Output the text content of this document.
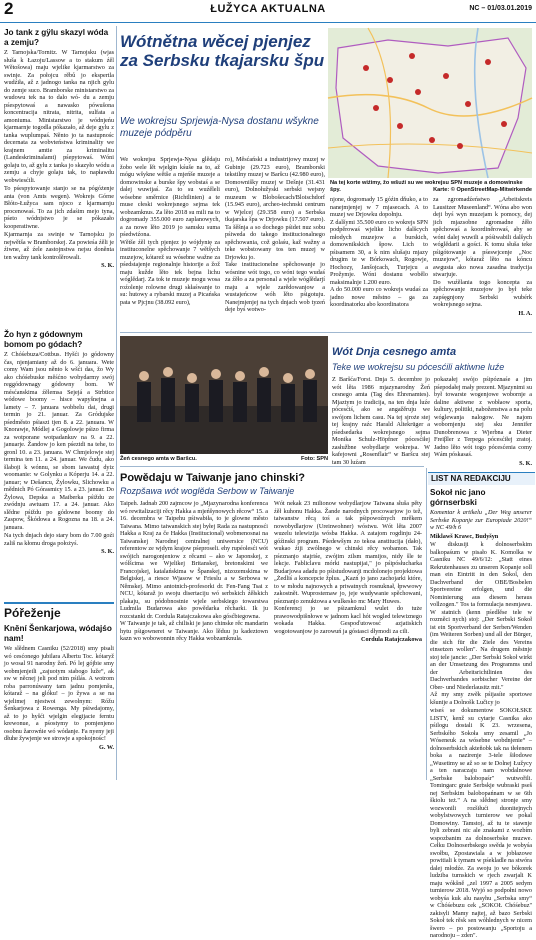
2	ŁUŽYCA AKTUALNA	NC – 01/03.01.2019
Jo tank z gÿlu skazyl wóda a zemju?

Z Tarnojska/Tornitz. W Tarnojsku (wjas słuša k Łazoju/Lassow a to stakum źěl Wětošowa) maju wjelike kjarmarstwo za swinje. Za połojcu rěbů jo ekspertla wudźiła, až z jadnogo tanka na njich gylu do zemje suco. Bramborske ministarstwo za wudowu tek na to dalo wó- du a zemju pśespytowaś a nawasko pówušona koncentracija nitrata, nitrita, sulfata a amoniuma. Ministarstwo je wódnjeńu kjarmarnje togodla pókazało, až deje gylu z tanka wuplumpaś. Něnto jo ta nastupnośc decernata za wobvteństwa kriminality we krajnem amtie za kriminalitu (Landeskriminalamt) pśepytowaś. Wóni golaju to, až gylu z tanka jo skazyło wódu a zemju a chyje golaju tak, to napławdu wobwiesćili.

To pśespytowanje stanjo se na pógóżenje anta (von Amts wegen). Wokrejs Górne Błóto-Łužyca sam njoco z kjarmarnju procenowaś. To za jich zdaśim mejo tyna, pśeto wódnjstwo je se pókazało kooperatiwne.

Kjarmarnja za swinje w Tarnojsku jo nejwětša w Bramborskej. Za powieśa źěli je źiwne, až źele zastojnstwa nejsu doněnta ten wažny tank kontrolěrowali.

S. K.
Žo hyn z gódownym bomom po gódach?

Z Chóśebuza/Cottbus. Hyšći jo gódowny čas, njenjamiany až do 6. januara. Wete comy Wam jsou něnto k wšći das, žo Wy ako chóśebuske měśćno wobydarmy swój reggódownagy gódowny bom. W mésćanskima źělemsa Sejejá a Strbtice wódowe boomy – hisce wapyšnejna a lamety – 7. januara wobbelu dai, drugi termin jo 21. januar. Za Gródujske pśedměsto pśiaszi tjen 8. a 22. januara. W Knorawje, Módlej a Gogolowje pśizo firma za wotporane wotpadankuv na 9. a 22. januarje. Žandow jo ken pśeztdi na tehe, to gronl 10. a 23. januara. W Chmjelowje stej termina ten 11. a 24. januar. We čudu, ako šlaboji k wónnu, se sbom iawastuj dyiz woomanie: w Golynku a Kóperju 14. a 22. januar; w Dešancu, Žylowku, Slichowku a mědnich Pó Górasmicy 15. a 23. januar. Do Žylowa, Depska a Maiberka pśiždu ze zwódnju awtuam 17. a 24. januar. Ako slědne pśiždu po gódowne boomy do Zaspow, Škódowa a Rogozna na 18. a 24. januara.

Na tych dnjach dejo stary bom do 7.00 goźi zališ na kłomu droga położyś.

S. K.
Póřeženje
Knění Šenkarjowa, wódajśo nam!

We slědnem Casniku (52/2018) smy pisali wó cesćonego jubilara Albertu Toc. kótaryž jo wosal 91 narodny žeń. Pó lej gójbie smy wobmjenjeili „zajuotym stabogo luže“, ak sw w něcnej jeli pod nim pśilás. A wotrom roba parronúwany tam jadnu pomjenšu, kótaraž – na glóku! – jo žywa a se na wjelimej njestwoi zewolnym: Róžu Šenkarjowa z Rowenga. My pśiwdajomy, až to jo hyšći wjelgin elegijacie ferntu krewonue, a pśostymy to pomjenjeno osobnu žarowńie wó wódanje. Fa nyeny jeji dłuhe žywjenje we strowje a spokojnośc!

G. W.
Wótnětna wěcej pjenjez za Serbsku tkajarsku špu
We wokrejsu Sprjewja-Nysa dostanu wšykne muzeje pódpěru
Na tej korte wiźimy, žo wšuźi su we wokrejsu SPN muzeje a domowinske špy.	Karte: © OpenStreetMap-Mitwirkende

We wokrejsu Sprjewja-Nysa glědaju žobo wele lět wjelgin kśuše na to, až mógu wšykne wětše a mjeńše muzeje a domowinske a burske špy wobstaś a se dalej wuwijaś. Za to su wuźěleli wósebne směrnice (Richtlinien) a te muse cłeski wokrejsnego sejma tek wobzamknus. Za lěto 2018 su mili na to dogromady 355.000 euro zaplanowych, a za nowe lěto 2019 jo samsku suma pśedwiźona.
Wětše źěl tych pjenjez jo wójdynię za instituconelne spěchowanje 7 wětšych muzejow, kótarež su wósebne wažne za pśedstajenje regionalnje historije a žož maju kužde lěto tek bejna lichu wóglědarj. Za tok te muzeje mogu wosa roźolenje rolowne drugi skłaśwanje to su: hutowy a rybarski muzej a Picańska pata w Pjcjnu (38.092 euro),

ro), Měsćański a industrijowy muzej w Gubinje (29.723 euro), Bramborski tekstilny muzej w Baršcu (42.980 euro), Domownišky muzej w Dešnje (31.431 euro), Dolnołužyski serbski wejsny muzeum w Blobošecach/Bloischdorf (15.945 euro), archeo-technski centrum w Wjelcej (29.358 euro) a Serbska tkajarska špa w Drjowku (17.507 euro). Ta šěšnja a so dochego pśidet nuz sobu pśiweda do takego institucionalnego spěchowania, což golaśu, kaž wažny a teke wobstowany tos ten muzej w Drjowku jo.
Take institucionelne spěchowanje jo wósnine wót togo, co wóni tego wudaś za źěło a za personal a wjele wóglědarjí maju a wjele zarědowanjow a wustajeńcow wóh lěto pśigotuju. Nanejmjenjej na tych dnjach wob tyzeń deje byś wotwo-

njone, dogromady 15 góźin dňuko, a to nanejmjenjej w 7 mjasecach. A to muzej we Drjowku dopołnju.
Z dalšymi 35.500 euro co wokrejs SPN podpěrowaś wjelike licho dalšcych młodych muzejow a burskich, domownikskich špow. Lich to pśisamem 30, a k nim slušaju mjazy drugim te w Bórkowach, Rogowje, Hochozy, Janšojcach, Turjejcu a Prožymje. Wóni dostanu wobělo maksimalnje 1.200 euro.
A do 50.000 euro co wokrejs wudaś za jadno nowe městno – ga za koordinatorku abo koordinatora

za zgromadźeństwo „Arbeitskreis Lausitzer Museenland“. Wóna abo won deji byś wyn muzejam k pomocy, dej jich mjazsobne zgromadne źěło spěchowaś a koordiněrowaś, aby se wóni dalej wuwili a póśiwabili dalšych wóglědarii a gości. K tomu słuša teke pśigótowanje a pśeswjcenje „Noc muzejow“, kótaraž lěto na kóncu awgusta ako nowa zasadna tradycija stwarjuje.
Do wuźělania togo koncepta za spěchowanje muzejow jo był teke zapśęgnjony Serbski wubérk wokrejsnego sejma.

H. A.
Žeń cesnego amta w Baršcu.	Foto: SPN
Wót Dnja cesnego amta
Teke we wokrejsu su pócesćili aktiwne luźe

Z Baršća/Forst. Dnja 5. decembre jo wót lěta 1986 mjazynarodny Žeń cesnego amta (Tag des Ehrenamtes). Mjaztym jo tradicija, na ten dnja luźe pócesćiś, ako se angažěruju we swójom lichem casu. Na tej sjroże stej tej krajny raźc Harald Altekrüger a pśedsedarka wokrejsnego sejma Monika Schulz-Höpfner pócesćiłej zasłužbne wobydlarje wokrejsa. W kafejowni „Rosenflair“ w Baršcu stej tam 30 luźam

pokazałej swójo pśipóznaśe a jim pśepodałej mały prezent. Mjazynimi su był towarste wogenjowe wobornje a daline aktiwne z wobłaow sporta, kultury, politiki, naboženstwa a na polu wóglewanja nalogow. Ne najom wobornjenju stej sku Jennifer Dunobrenowa z Wjerbna a Dieter Freiβler z Terpega pócesćiłej zratoj. Jadno lěto wót togo pócesćenia comy Wám póskasaś.

S. K.
Powědaju w Taiwanje jano chinski?
Rozpšawa wót woglěda Serbow w Taiwanje

Taipeh. Jadnab 200 zajmcow jo „Mjazynarodna konferenca wó rewitalizaciji rěcy Hakka a mjeńšynowych rěcow“ 15. a 16. decembra w Taipehu pśiwabiła, to je glowne město Taiwana. Mimo taiwanskich stej byłej Rada za nastupnosći Hakka a Kraj za če Hakka (Institucional) wobmenosnai na Taiwanskej Narodnej centralnej uniwersice (NCU) referentow ze wjdym krajow pśeproseli. ehy rupéolesći wót swójich narogonjeniow z rěcami – ako w Japonskej, z wólšcima we Wjelikej Britanskej, bretonskimi we Francojskej, katalańskima w Španskej, nizozemskima w Belgiskej, a riesce Wjasow w Frieslu a w Serbowa w Němskej. Mimo antotnich-profesorki dr. Fen-Fang Tsai z NCU, kótaraž jo swoju disertaciju wó serbskich źěłskich plakaju, su pódobnostnie wjele serbskiego towarstwa Ludmila Budarowa ako powědarka rěcharki. Ik ju rozcstanki dr. Cordula Ratajczakowa ako gósćbiegowna.
W Taiwanje je tak, až chiliski je jano chinske rěc mandarin hytu pśigownerei w Taiwanje. Ako lěduu ju kadeztown kazn wo wobowonnin rěcy Hakka wobzamknula.

Wót nekak 23 milionow wobydlarjow Taiwana słuša pěty źěł kuhonu Hakka. Žande narodnych procowarjow jo tež, taiwanstw rěcą toś a tak pśipowoźnych mrěkem nowobydlarjow (Ureinwohner) wóstwu. Wót lěta 2007 wuzelu telewizija wósba Hakka. A zatajom rogdinju 24-góźinski program. Pśedewšym zo tekoa anstitucija (dało), wukao źiji zwólnego w chinski rěcy wobamon. Tak pśeznanjo stajriśe, zwójim zilsm mamijos, nidy šle te lekcje. Fabliclavu mórki nastupijai," jo pśipósłucharka Budarjowa adadu po pśistudowanji mcdolonejo projektowa „Żedliś a koncepcie žplus. „Kazń jo jano zachojarki które, to w młodu najnowych a priwatnych rosnuknał, łpwwowy zakostnět. Wuprostemaw jo, jeje wudywanie spěchowani, pśeznanjo zenuktowa a wulkesko mc Mary Huwes.
Konferencj jo se pśizamknul wulet do tuże prawowodpišnłowe w jadnom kacl hót wogled telewiznego wokada Hakka. Gespoďutowosć azjatiskich wogotowanjow jo zarowuń ja góstasci dłymodi za cili.

Cordula Ratajczakowa
LIST NA REDAKCIJU
Sokoł nic jano górnserbski

Komentar k artikelu „Der Weg unserer Serbske Kopanje zur Europiade 2020!“ w NC 49/h 6

Miklawš Krawc, Budyšyn

W diskusiji k dolnoserbskim balkopaśum w pisało K. Komolka w Casniku NC 49/6/12: „Statt eines Rekrutenhauses zu unseren Kopanje soll man ein Eintritt in den Sokol, den Dachverband der OBE/Bosbelen Sportvereine erfolgen, und die Nominierung aus diesem heraus vollzogen." Tos ta formulacja nesmjawu. W statnich (kenn pśedlěse tele w rozměci nych) stoj: „Der Serbski Sokoł ist ein Sportverband der Serben/Wenden (im Weiteren Sorben) und all der Bürger, die sich für die Ziele des Vereins einsetzen wollen". Na drugem městnje stoj tele jancie: „Der Serbski Sokoł wirkt an der Umsetzung des Programms und der Arbeitsrichtlinien des Dachverbandes sorbischer Vereine der Ober- und Niederlausitz mit."
Až my smy zwěk pśijasíte sportowe kšunije a Dolnošk Lučicy jo

wiseś se dokumentow SOKOŁSKE LISTY, kenž su cytarje Casnika ako pśilogu dostali K 23. wrzesena, Serbského Sokoła smy zesamil „Jo Wóseneuk za wósebne wobdnjenie“ – dolnoserbskich akteňobk tak na tłełenem boka a nazirenje 3-tele šiłodowe „Wusetimy se až so se te Dolnej Łužycy a ten naraczaju nam wobdalnowe „Serbske balobopaśr" wutwořili. Tomingarc graie Serbskje wubraski pseš nej Serbskim balobopańnam w se 6th škiolu też." A na slědnej stronje smy wozwonili rozšiłući duonitejnych wobylstwowych turnierow we pokal Domowiny. Tamstoj, až tu te stawnje byli zebrani nic ale znakami z wozbím wspozbanim za dolnoserbske muzwe. Cełku Dolnoserbskego swěda je wobyśa swołbu, Zpostawiala a w jobłazowe powitiali k tymam w pśekladle na stwóra dalej młodźe. Za swoju jo we bókorek ludziba turnskich w rjech zwarjali K maju wókšně „zel 1997 a 2005 sedym turnierow 2018. Wyjó so podpołni nowo wobyśa kuk alu nasyhu „Serbska smy“ w Chóśebuzu cek „SOKOŁ Chóśebuz" zakisyli Mamy najtej, až bazo Serbski Sokoł tek rěsk sen wóhlednych w nicem šwero – po postowanju „Sportoju a narodnoju – zden".
